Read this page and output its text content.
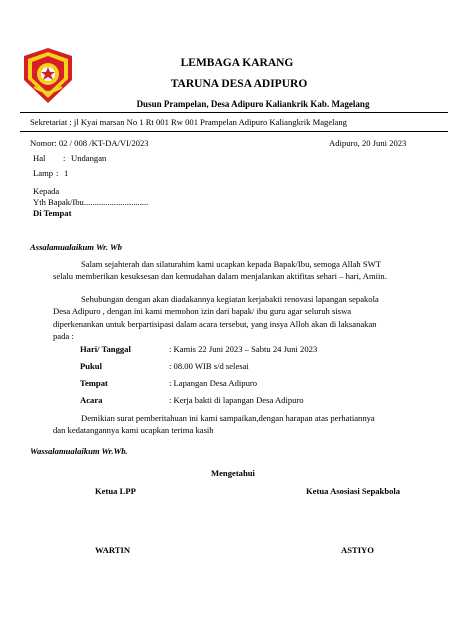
LEMBAGA KARANG
TARUNA DESA ADIPURO
Dusun Prampelan, Desa Adipuro Kaliankrik Kab. Magelang
Sekretariat : jl Kyai marsan No 1 Rt 001 Rw 001 Prampelan Adipuro Kaliangkrik Magelang
Nomor: 02 / 008 /KT-DA/VI/2023	Adipuro, 20 Juni 2023
Hal : Undangan
Lamp : 1
Kepada
Yth Bapak/Ibu..............................
Di Tempat
Assalamualaikum Wr. Wb
Salam sejahterah dan silaturahim kami ucapkan kepada Bapak/Ibu, semoga Allah SWT
selalu memberikan kesuksesan dan kemudahan dalam menjalankan aktifitas sehari – hari, Amiin.
Sehubungan dengan akan diadakannya kegiatan kerjabakti renovasi lapangan sepakola
Desa Adipuro , dengan ini kami memohon izin dari bapak/ ibu guru agar seluruh siswa
diperkenankan untuk berpartisipasi dalam acara tersebut, yang insya Alloh akan di laksanakan
pada :
Hari/ Tanggal	: Kamis 22 Juni 2023 – Sabtu 24 Juni 2023
Pukul	: 08.00 WIB s/d selesai
Tempat	: Lapangan Desa Adipuro
Acara	: Kerja bakti di lapangan Desa Adipuro
Demikian surat pemberitahuan ini kami sampaikan,dengan harapan atas perhatiannya
dan kedatangannya kami ucapkan terima kasih
Wassalamualaikum Wr.Wb.
Mengetahui
Ketua LPP	Ketua Asosiasi Sepakbola
WARTIN	ASTIYO
